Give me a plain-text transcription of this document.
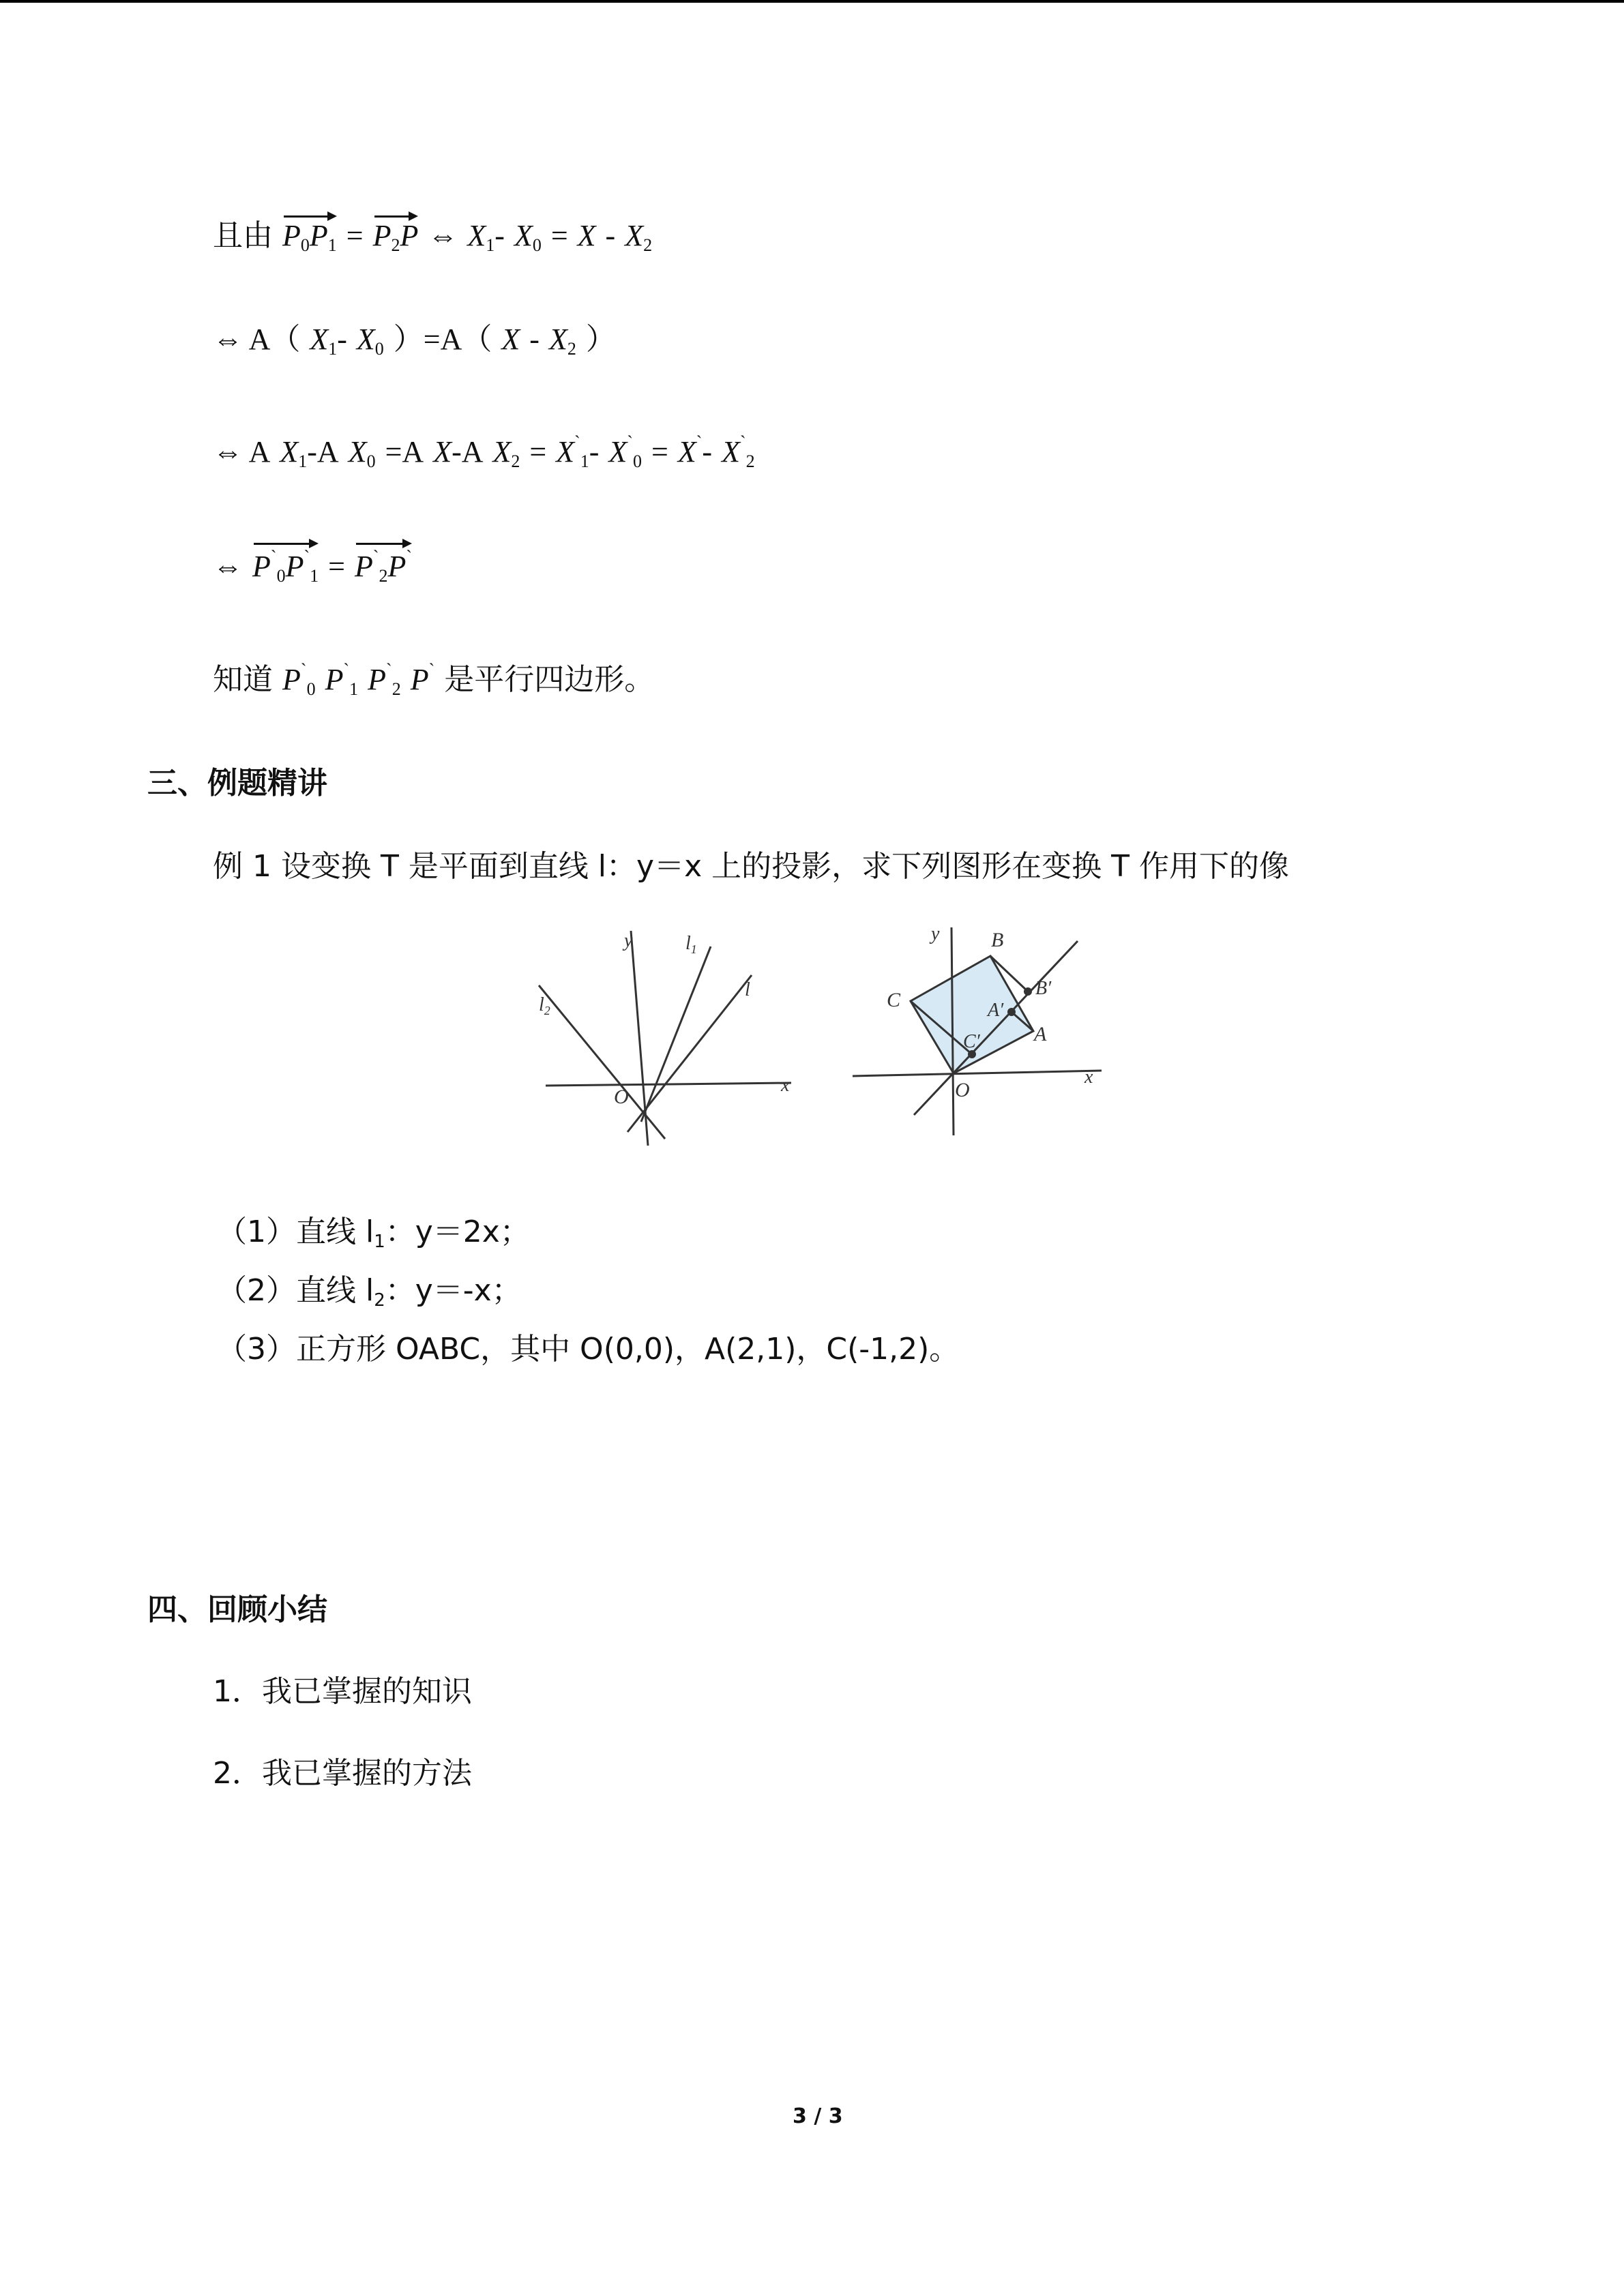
且由 $P_0P_1 = P_2P$ ⇔ $X_1-$ $X_0 = X - X_2$
⇔ A（ $X_1-$ $X_0$ ）=A（ X - $X_2$ ）
⇔ A $X_1-A$ $X_0 =A$ X-A $X_2 = X^`_1-$ $X^`_0 = X^`-$ $X^`_2$
⇔ $P^`_0P^`_1 = P^`_2P^`$
知道 $P^`_0$ $P^`_1$ $P^`_2$ P` 是平行四边形。
三、例题精讲
例 1 设变换 T 是平面到直线 l：y＝x 上的投影，求下列图形在变换 T 作用下的像
y
x
O
$l_1$
$l_2$
l
y
x
O
B
C
A
A′
B′
C′
（1）直线 $l_1$：y＝2x；
（2）直线 $l_2$：y＝-x；
（3）正方形 OABC，其中 O(0,0)，A(2,1)，C(-1,2)。
四、回顾小结
1．我已掌握的知识
2．我已掌握的方法
3 / 3
